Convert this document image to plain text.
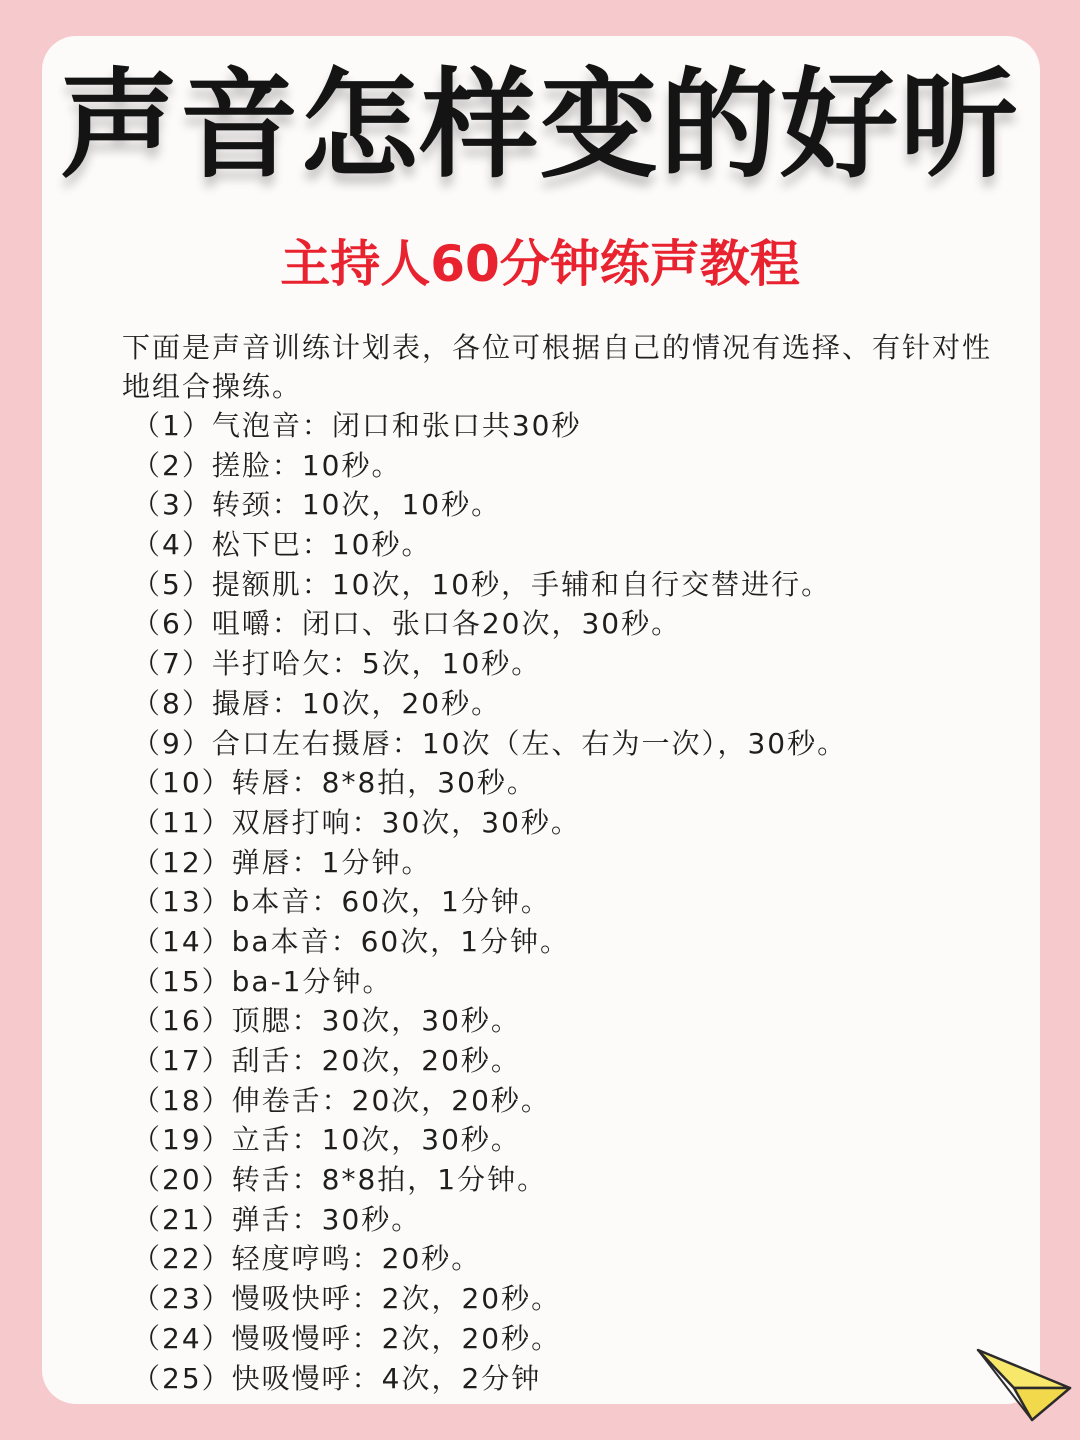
声音怎样变的好听
主持人60分钟练声教程

下面是声音训练计划表，各位可根据自己的情况有选择、有针对性地组合操练。

（1） 气泡音：闭口和张口共30秒
（2） 搓脸：10秒。
（3） 转颈：10次，10秒。
（4） 松下巴：10秒。
（5） 提额肌：10次，10秒，手辅和自行交替进行。
（6） 咀嚼：闭口、张口各20次，30秒。
（7） 半打哈欠：5次，10秒。
（8） 撮唇：10次，20秒。
（9） 合口左右摄唇：10次（左、右为一次），30秒。
（10） 转唇：8*8拍，30秒。
（11） 双唇打响：30次，30秒。
（12） 弹唇：1分钟。
（13） b本音：60次，1分钟。
（14） ba本音：60次，1分钟。
（15） ba-1分钟。
（16） 顶腮：30次，30秒。
（17） 刮舌：20次，20秒。
（18） 伸卷舌：20次，20秒。
（19） 立舌：10次，30秒。
（20） 转舌：8*8拍，1分钟。
（21） 弹舌：30秒。
（22） 轻度哼鸣：20秒。
（23） 慢吸快呼：2次，20秒。
（24） 慢吸慢呼：2次，20秒。
（25） 快吸慢呼：4次，2分钟
